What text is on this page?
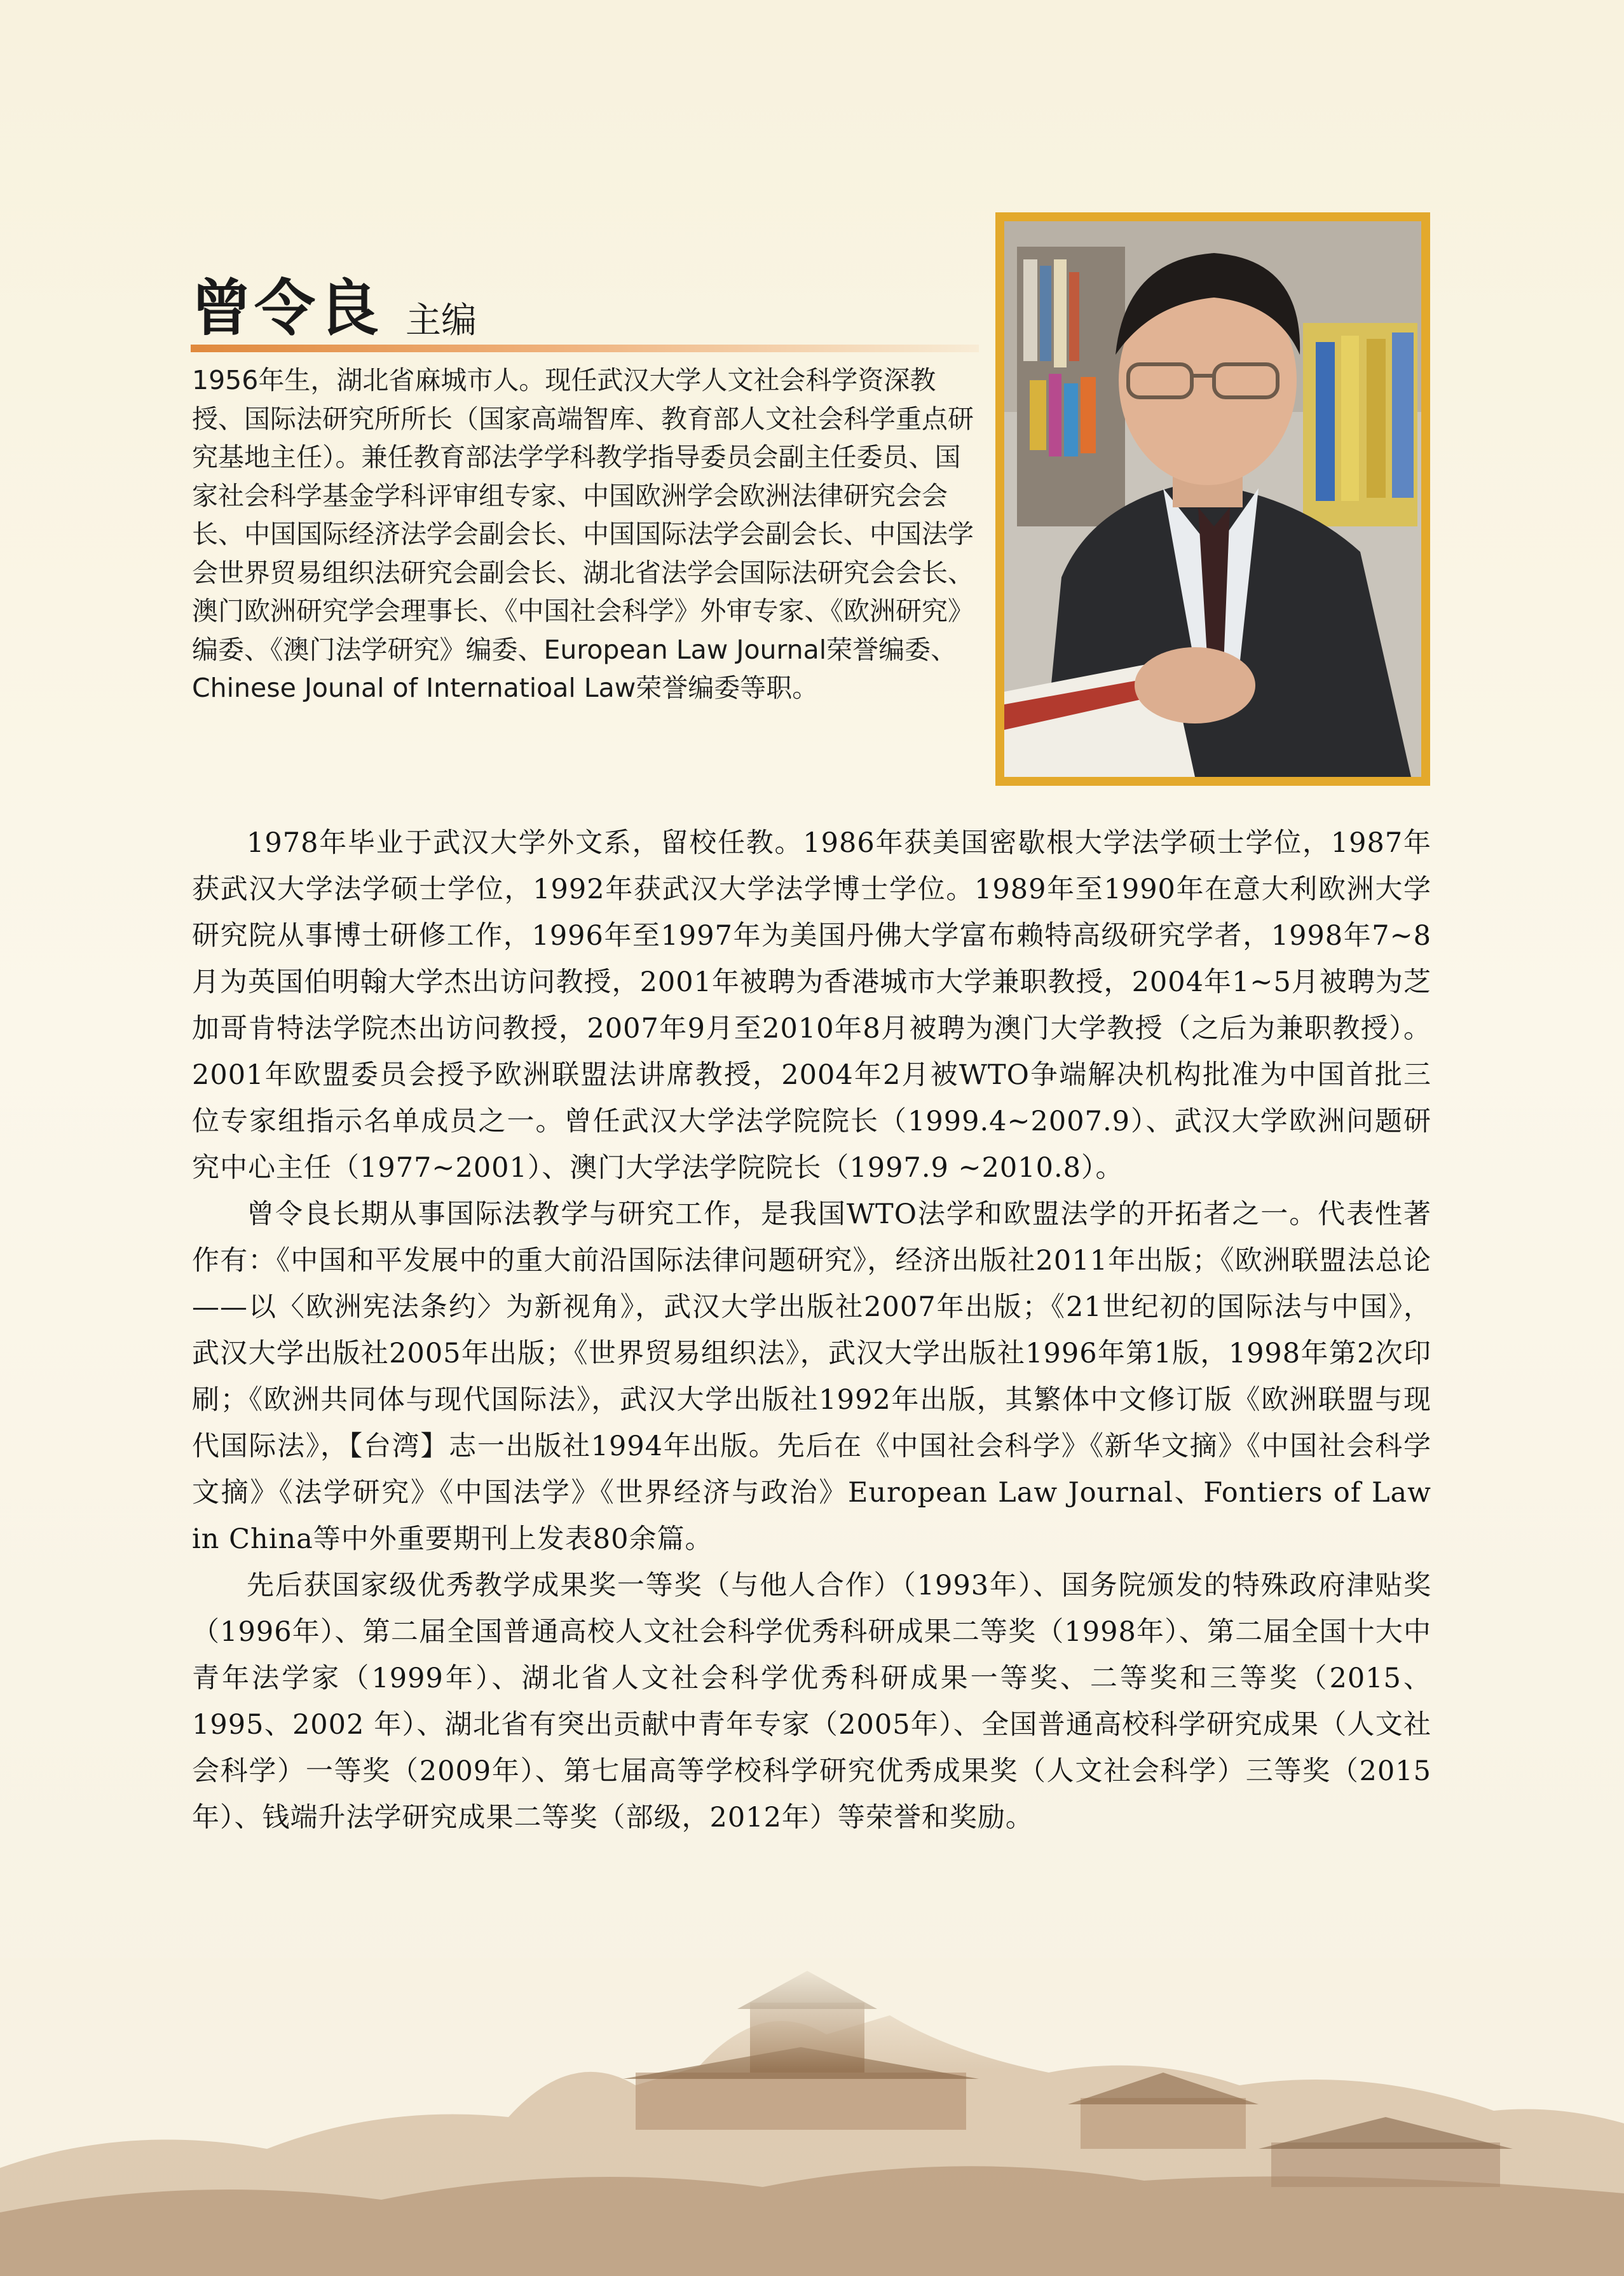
曾令良 主编

1956年生，湖北省麻城市人。现任武汉大学人文社会科学资深教授、国际法研究所所长（国家高端智库、教育部人文社会科学重点研究基地主任）。兼任教育部法学学科教学指导委员会副主任委员、国家社会科学基金学科评审组专家、中国欧洲学会欧洲法律研究会会长、中国国际经济法学会副会长、中国国际法学会副会长、中国法学会世界贸易组织法研究会副会长、湖北省法学会国际法研究会会长、澳门欧洲研究学会理事长、《中国社会科学》外审专家、《欧洲研究》编委、《澳门法学研究》编委、European Law Journal荣誉编委、Chinese Jounal of Internatioal Law荣誉编委等职。

1978年毕业于武汉大学外文系，留校任教。1986年获美国密歇根大学法学硕士学位，1987年获武汉大学法学硕士学位，1992年获武汉大学法学博士学位。1989年至1990年在意大利欧洲大学研究院从事博士研修工作，1996年至1997年为美国丹佛大学富布赖特高级研究学者，1998年7~8月为英国伯明翰大学杰出访问教授，2001年被聘为香港城市大学兼职教授，2004年1~5月被聘为芝加哥肯特法学院杰出访问教授，2007年9月至2010年8月被聘为澳门大学教授（之后为兼职教授）。2001年欧盟委员会授予欧洲联盟法讲席教授，2004年2月被WTO争端解决机构批准为中国首批三位专家组指示名单成员之一。曾任武汉大学法学院院长（1999.4~2007.9）、武汉大学欧洲问题研究中心主任（1977~2001）、澳门大学法学院院长（1997.9 ~2010.8）。

曾令良长期从事国际法教学与研究工作，是我国WTO法学和欧盟法学的开拓者之一。代表性著作有：《中国和平发展中的重大前沿国际法律问题研究》，经济出版社2011年出版；《欧洲联盟法总论——以〈欧洲宪法条约〉为新视角》，武汉大学出版社2007年出版；《21世纪初的国际法与中国》，武汉大学出版社2005年出版；《世界贸易组织法》，武汉大学出版社1996年第1版，1998年第2次印刷；《欧洲共同体与现代国际法》，武汉大学出版社1992年出版，其繁体中文修订版《欧洲联盟与现代国际法》，【台湾】志一出版社1994年出版。先后在《中国社会科学》《新华文摘》《中国社会科学文摘》《法学研究》《中国法学》《世界经济与政治》European Law Journal、Fontiers of Law in China等中外重要期刊上发表80余篇。

先后获国家级优秀教学成果奖一等奖（与他人合作）（1993年）、国务院颁发的特殊政府津贴奖（1996年）、第二届全国普通高校人文社会科学优秀科研成果二等奖（1998年）、第二届全国十大中青年法学家（1999年）、湖北省人文社会科学优秀科研成果一等奖、二等奖和三等奖（2015、1995、2002 年）、湖北省有突出贡献中青年专家（2005年）、全国普通高校科学研究成果（人文社会科学）一等奖（2009年）、第七届高等学校科学研究优秀成果奖（人文社会科学）三等奖（2015年）、钱端升法学研究成果二等奖（部级，2012年）等荣誉和奖励。
